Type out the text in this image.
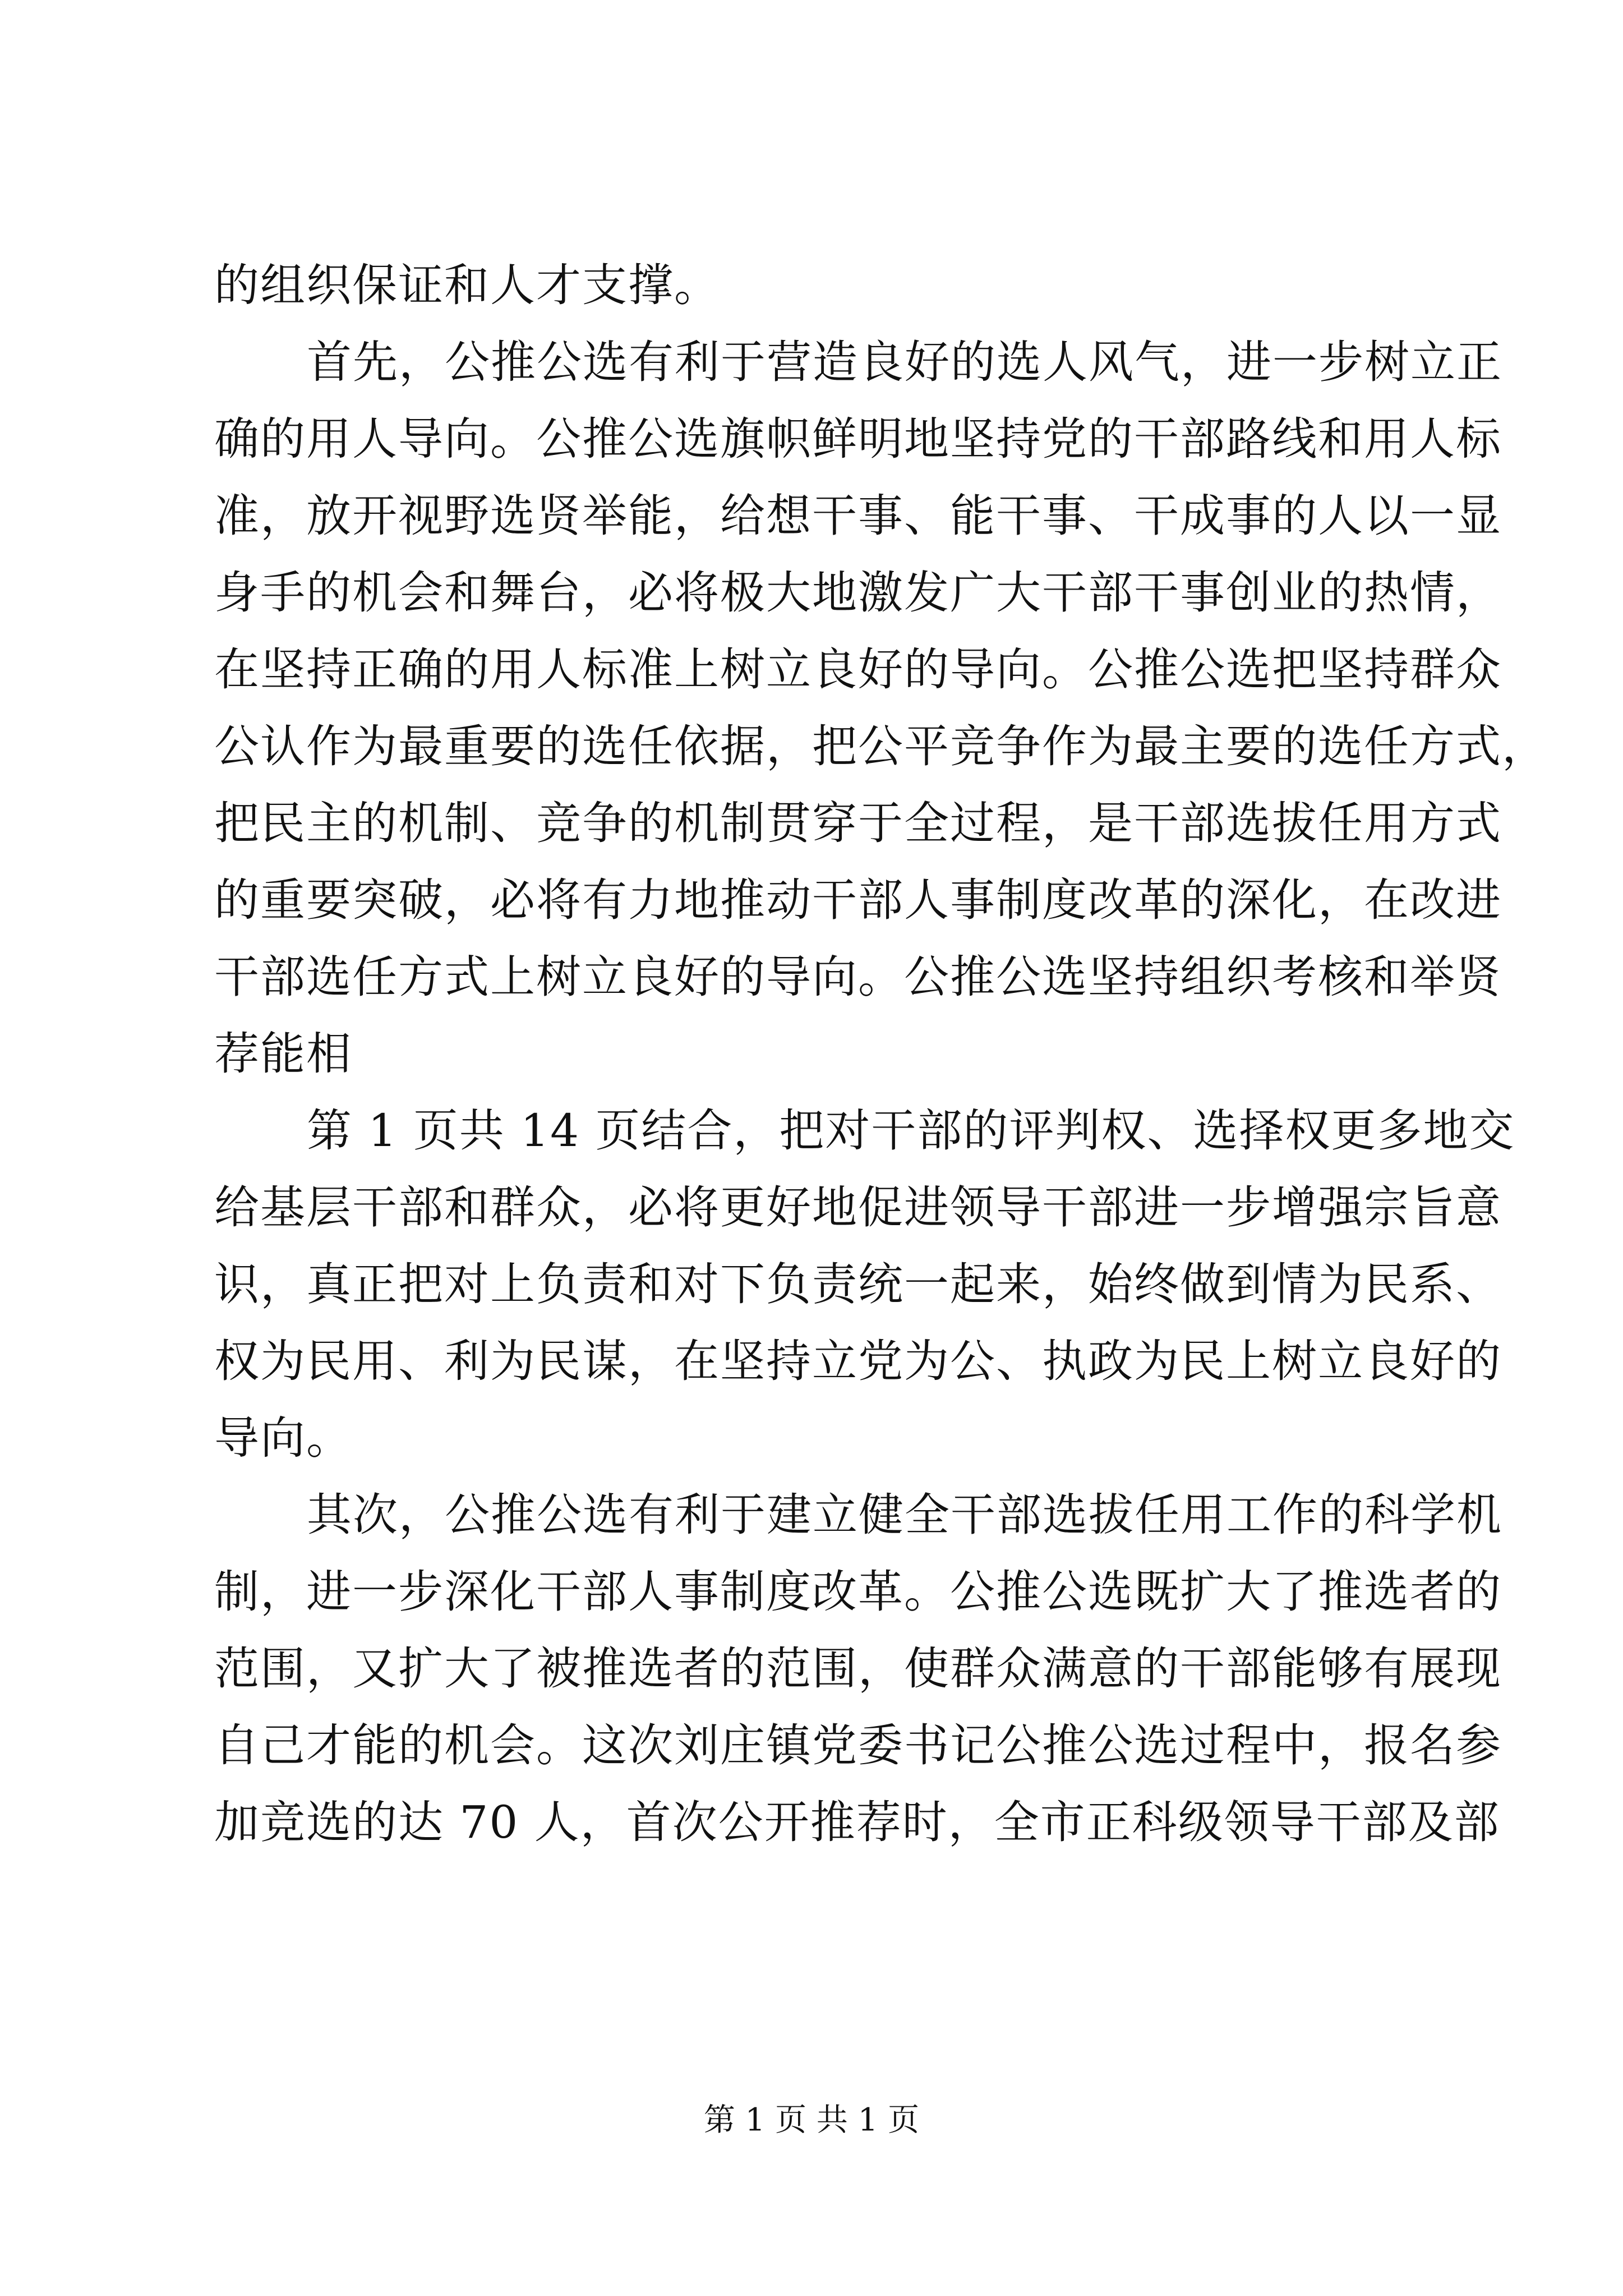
的组织保证和人才支撑。
首先，公推公选有利于营造良好的选人风气，进一步树立正
确的用人导向。公推公选旗帜鲜明地坚持党的干部路线和用人标
准，放开视野选贤举能，给想干事、能干事、干成事的人以一显
身手的机会和舞台，必将极大地激发广大干部干事创业的热情，
在坚持正确的用人标准上树立良好的导向。公推公选把坚持群众
公认作为最重要的选任依据，把公平竞争作为最主要的选任方式，
把民主的机制、竞争的机制贯穿于全过程，是干部选拔任用方式
的重要突破，必将有力地推动干部人事制度改革的深化，在改进
干部选任方式上树立良好的导向。公推公选坚持组织考核和举贤
荐能相
第 1 页共 14 页结合，把对干部的评判权、选择权更多地交
给基层干部和群众，必将更好地促进领导干部进一步增强宗旨意
识，真正把对上负责和对下负责统一起来，始终做到情为民系、
权为民用、利为民谋，在坚持立党为公、执政为民上树立良好的
导向。
其次，公推公选有利于建立健全干部选拔任用工作的科学机
制，进一步深化干部人事制度改革。公推公选既扩大了推选者的
范围，又扩大了被推选者的范围，使群众满意的干部能够有展现
自己才能的机会。这次刘庄镇党委书记公推公选过程中，报名参
加竞选的达 70 人，首次公开推荐时，全市正科级领导干部及部
第 1 页 共 1 页
